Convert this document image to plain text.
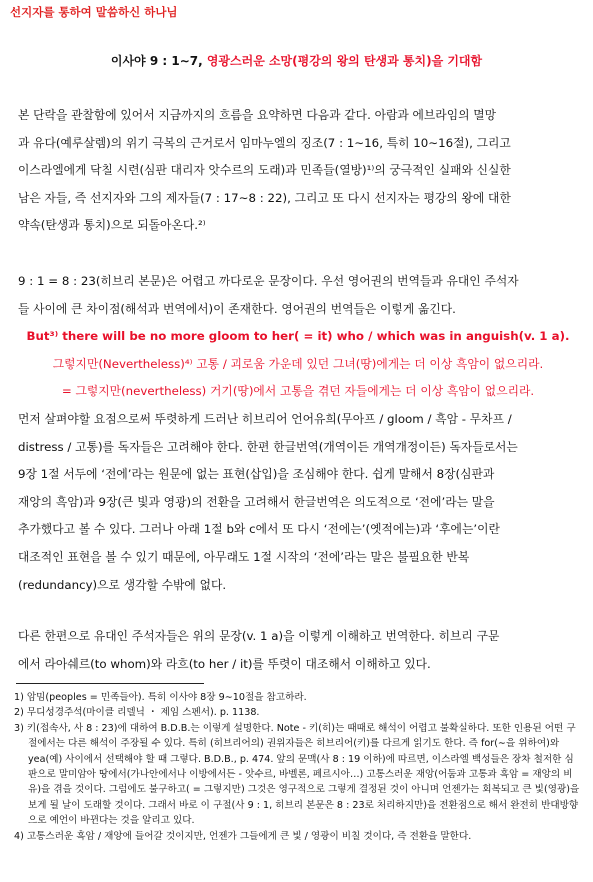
선지자를 통하여 말씀하신 하나님
이사야 9 : 1∼7, 영광스러운 소망(평강의 왕의 탄생과 통치)을 기대함
본 단락을 관찰함에 있어서 지금까지의 흐름을 요약하면 다음과 같다. 아람과 에브라임의 멸망
과 유다(예루살렘)의 위기 극복의 근거로서 임마누엘의 징조(7 : 1∼16, 특히 10∼16절), 그리고
이스라엘에게 닥칠 시련(심판 대리자 앗수르의 도래)과 민족들(열방)¹⁾의 궁극적인 실패와 신실한
남은 자들, 즉 선지자와 그의 제자들(7 : 17∼8 : 22), 그리고 또 다시 선지자는 평강의 왕에 대한
약속(탄생과 통치)으로 되돌아온다.²⁾
9 : 1 = 8 : 23(히브리 본문)은 어렵고 까다로운 문장이다. 우선 영어권의 번역들과 유대인 주석자
들 사이에 큰 차이점(해석과 번역에서)이 존재한다. 영어권의 번역들은 이렇게 옮긴다.
But³⁾ there will be no more gloom to her( = it) who / which was in anguish(v. 1 a).
그렇지만(Nevertheless)⁴⁾ 고통 / 괴로움 가운데 있던 그녀(땅)에게는 더 이상 흑암이 없으리라.
= 그렇지만(nevertheless) 거기(땅)에서 고통을 겪던 자들에게는 더 이상 흑암이 없으리라.
먼저 살펴야할 요점으로써 뚜렷하게 드러난 히브리어 언어유희(무아프 / gloom / 흑암 - 무차프 /
distress / 고통)를 독자들은 고려해야 한다. 한편 한글번역(개역이든 개역개정이든) 독자들로서는
9장 1절 서두에 ‘전에’라는 원문에 없는 표현(삽입)을 조심해야 한다. 쉽게 말해서 8장(심판과
재앙의 흑암)과 9장(큰 빛과 영광)의 전환을 고려해서 한글번역은 의도적으로 ‘전에’라는 말을
추가했다고 볼 수 있다. 그러나 아래 1절 b와 c에서 또 다시 ‘전에는’(옛적에는)과 ‘후에는’이란
대조적인 표현을 볼 수 있기 때문에, 아무래도 1절 시작의 ‘전에’라는 말은 불필요한 반복
(redundancy)으로 생각할 수밖에 없다.
다른 한편으로 유대인 주석자들은 위의 문장(v. 1 a)을 이렇게 이해하고 번역한다. 히브리 구문
에서 라아쉐르(to whom)와 라흐(to her / it)를 뚜렷이 대조해서 이해하고 있다.

1) 암밈(peoples = 민족들아). 특히 이사야 8장 9∼10절을 참고하라.

2) 무디성경주석(마이클 리델닉 ・ 제임 스펜서). p. 1138.

3) 키(접속사, 사 8 : 23)에 대하여 B.D.B.는 이렇게 설명한다. Note - 키(히)는 때때로 해석이 어렵고 불확실하다. 또한 인용된 어떤 구절에서는 다른 해석이 주장될 수 있다. 특히 (히브리어의) 권위자들은 히브리어(키)를 다르게 읽기도 한다. 즉 for(∼을 위하여)와 yea(예) 사이에서 선택해야 할 때 그렇다. B.D.B., p. 474. 앞의 문맥(사 8 : 19 이하)에 따르면, 이스라엘 백성들은 장차 철저한 심판으로 말미암아 땅에서(가나안에서나 이방에서든 - 앗수르, 바벨론, 페르시아…) 고통스러운 재앙(어둠과 고통과 흑암 = 재앙의 비유)을 겪을 것이다. 그럼에도 불구하고( = 그렇지만) 그것은 영구적으로 그렇게 결정된 것이 아니며 언젠가는 회복되고 큰 빛(영광)을 보게 될 날이 도래할 것이다. 그래서 바로 이 구절(사 9 : 1, 히브리 본문은 8 : 23로 처리하지만)을 전환점으로 해서 완전히 반대방향으로 예언이 바뀐다는 것을 알리고 있다.

4) 고통스러운 흑암 / 재앙에 들어갈 것이지만, 언젠가 그들에게 큰 빛 / 영광이 비칠 것이다, 즉 전환을 말한다.
